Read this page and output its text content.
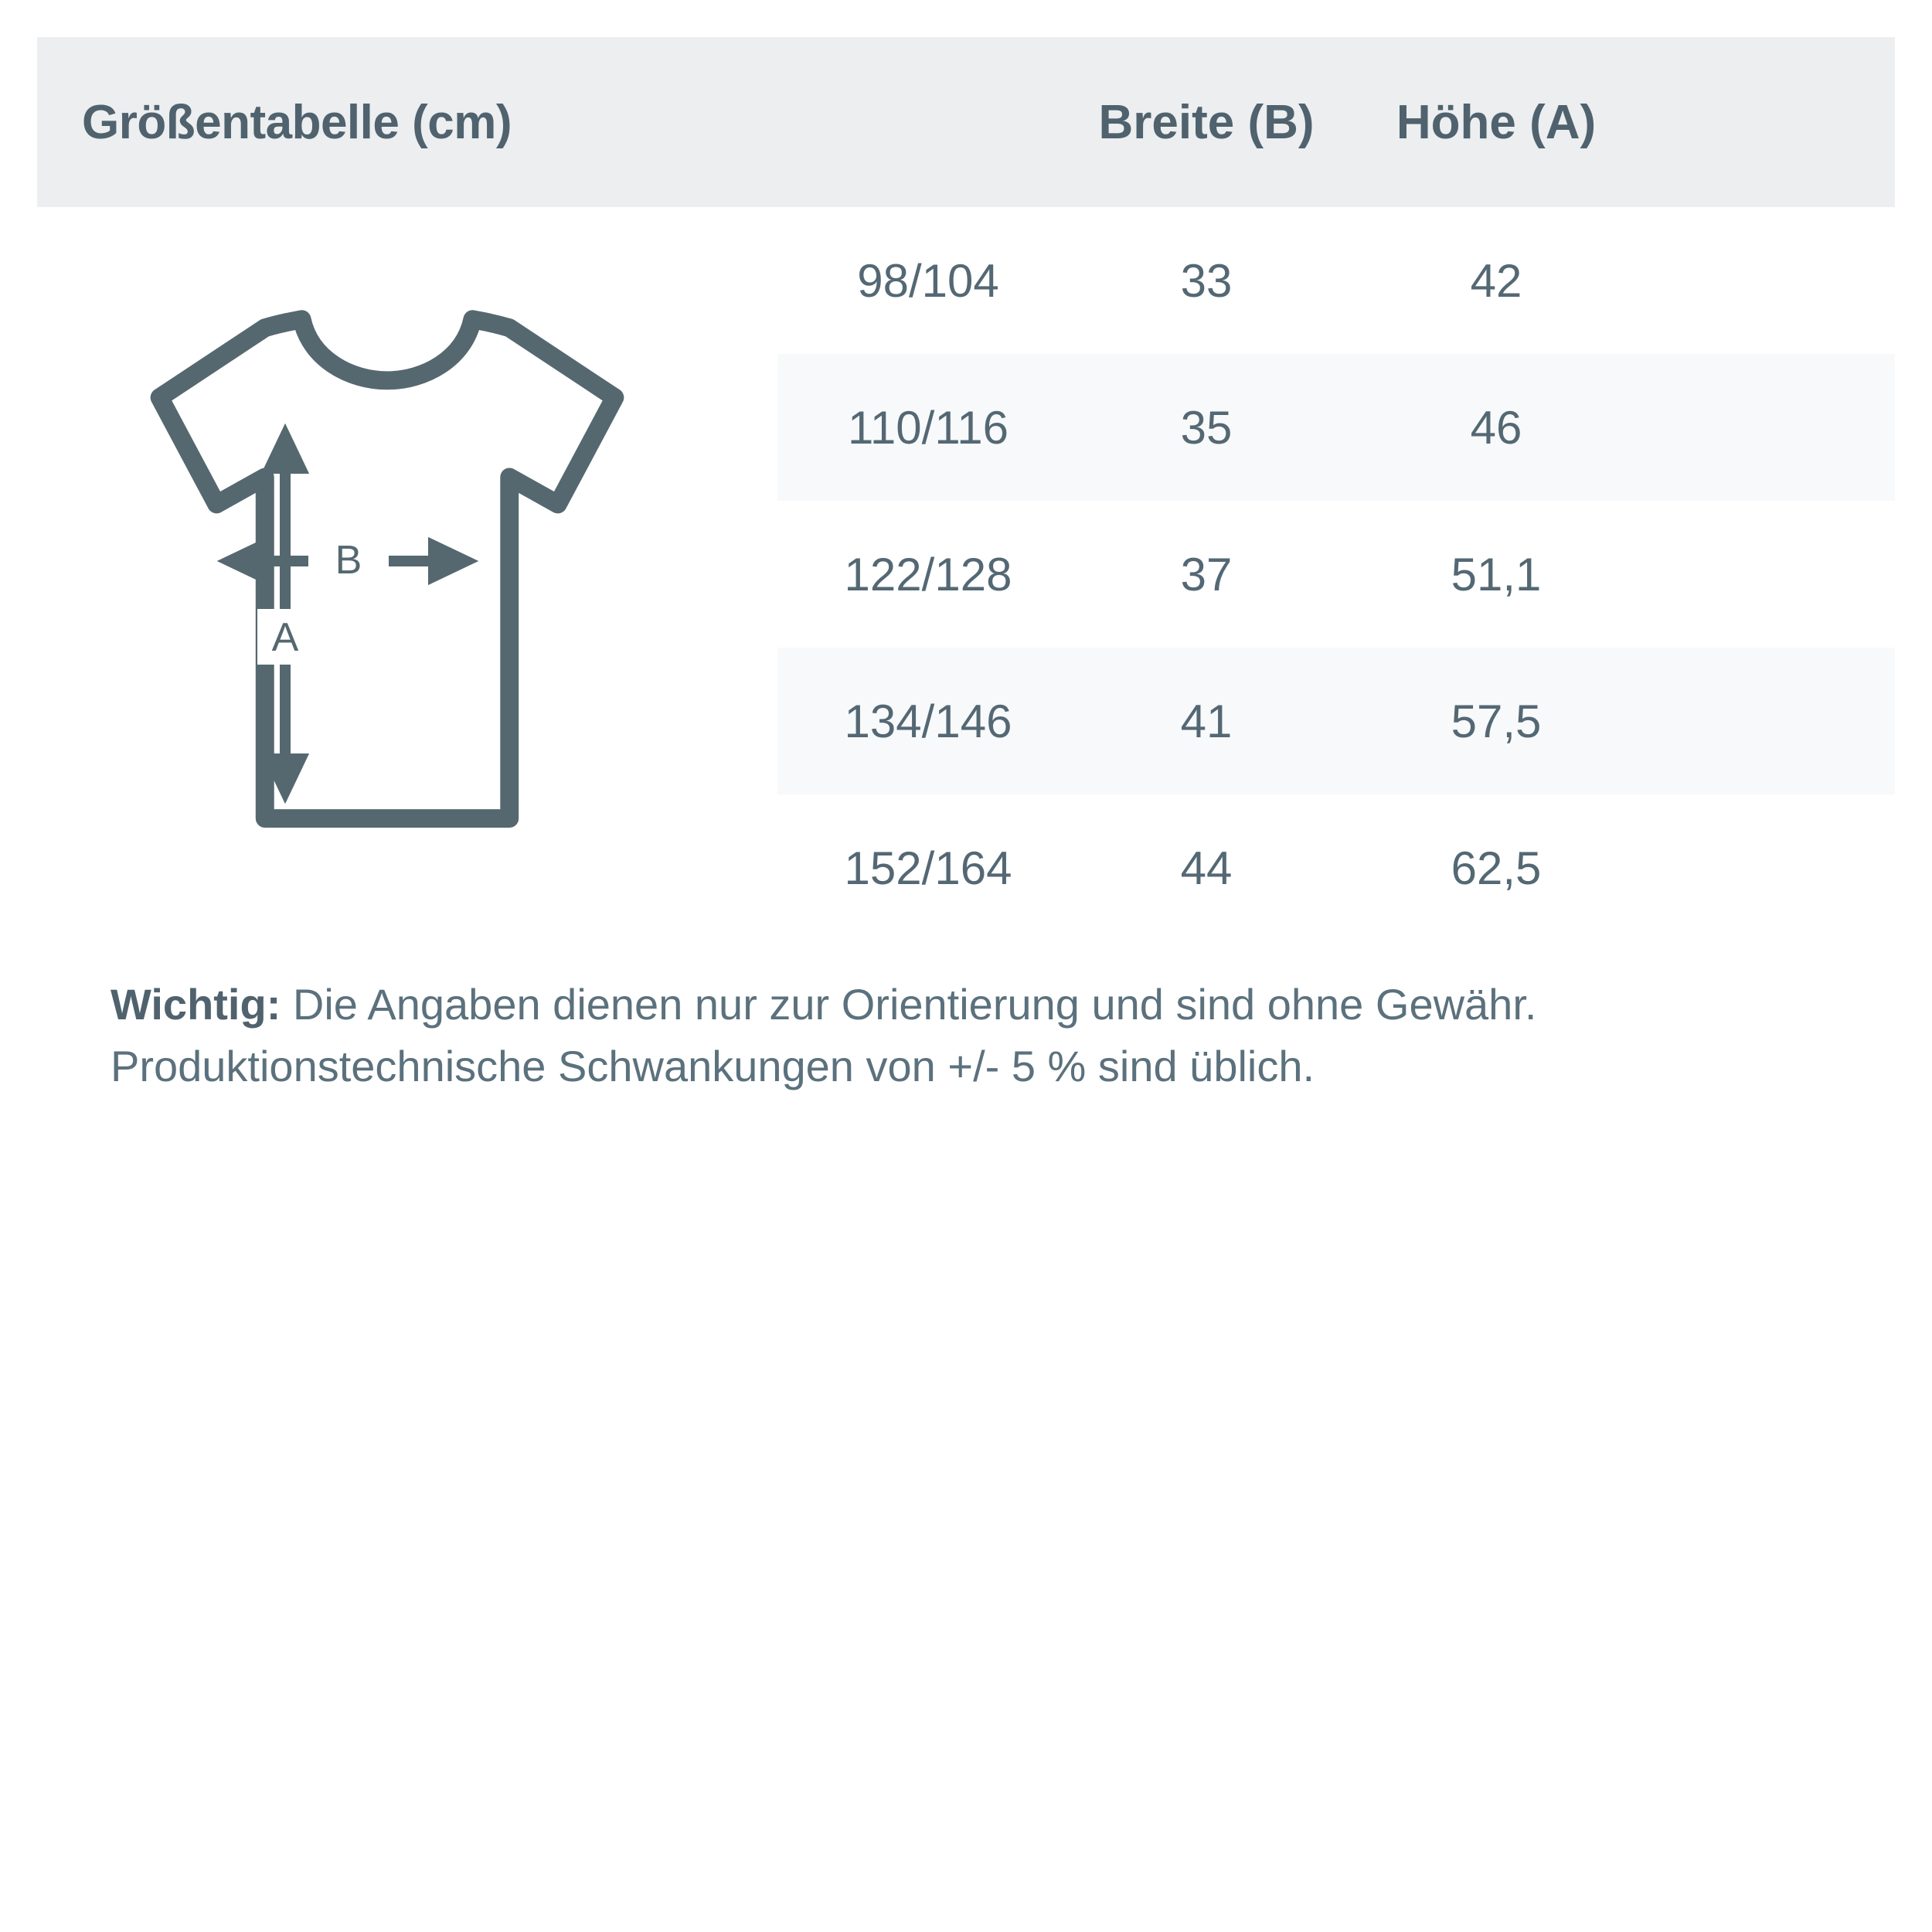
Größentabelle (cm)	Breite (B)	Höhe (A)
B
A
98/104	33	42
110/116	35	46
122/128	37	51,1
134/146	41	57,5
152/164	44	62,5
Wichtig: Die Angaben dienen nur zur Orientierung und sind ohne Gewähr. Produktionstechnische Schwankungen von +/- 5 % sind üblich.
